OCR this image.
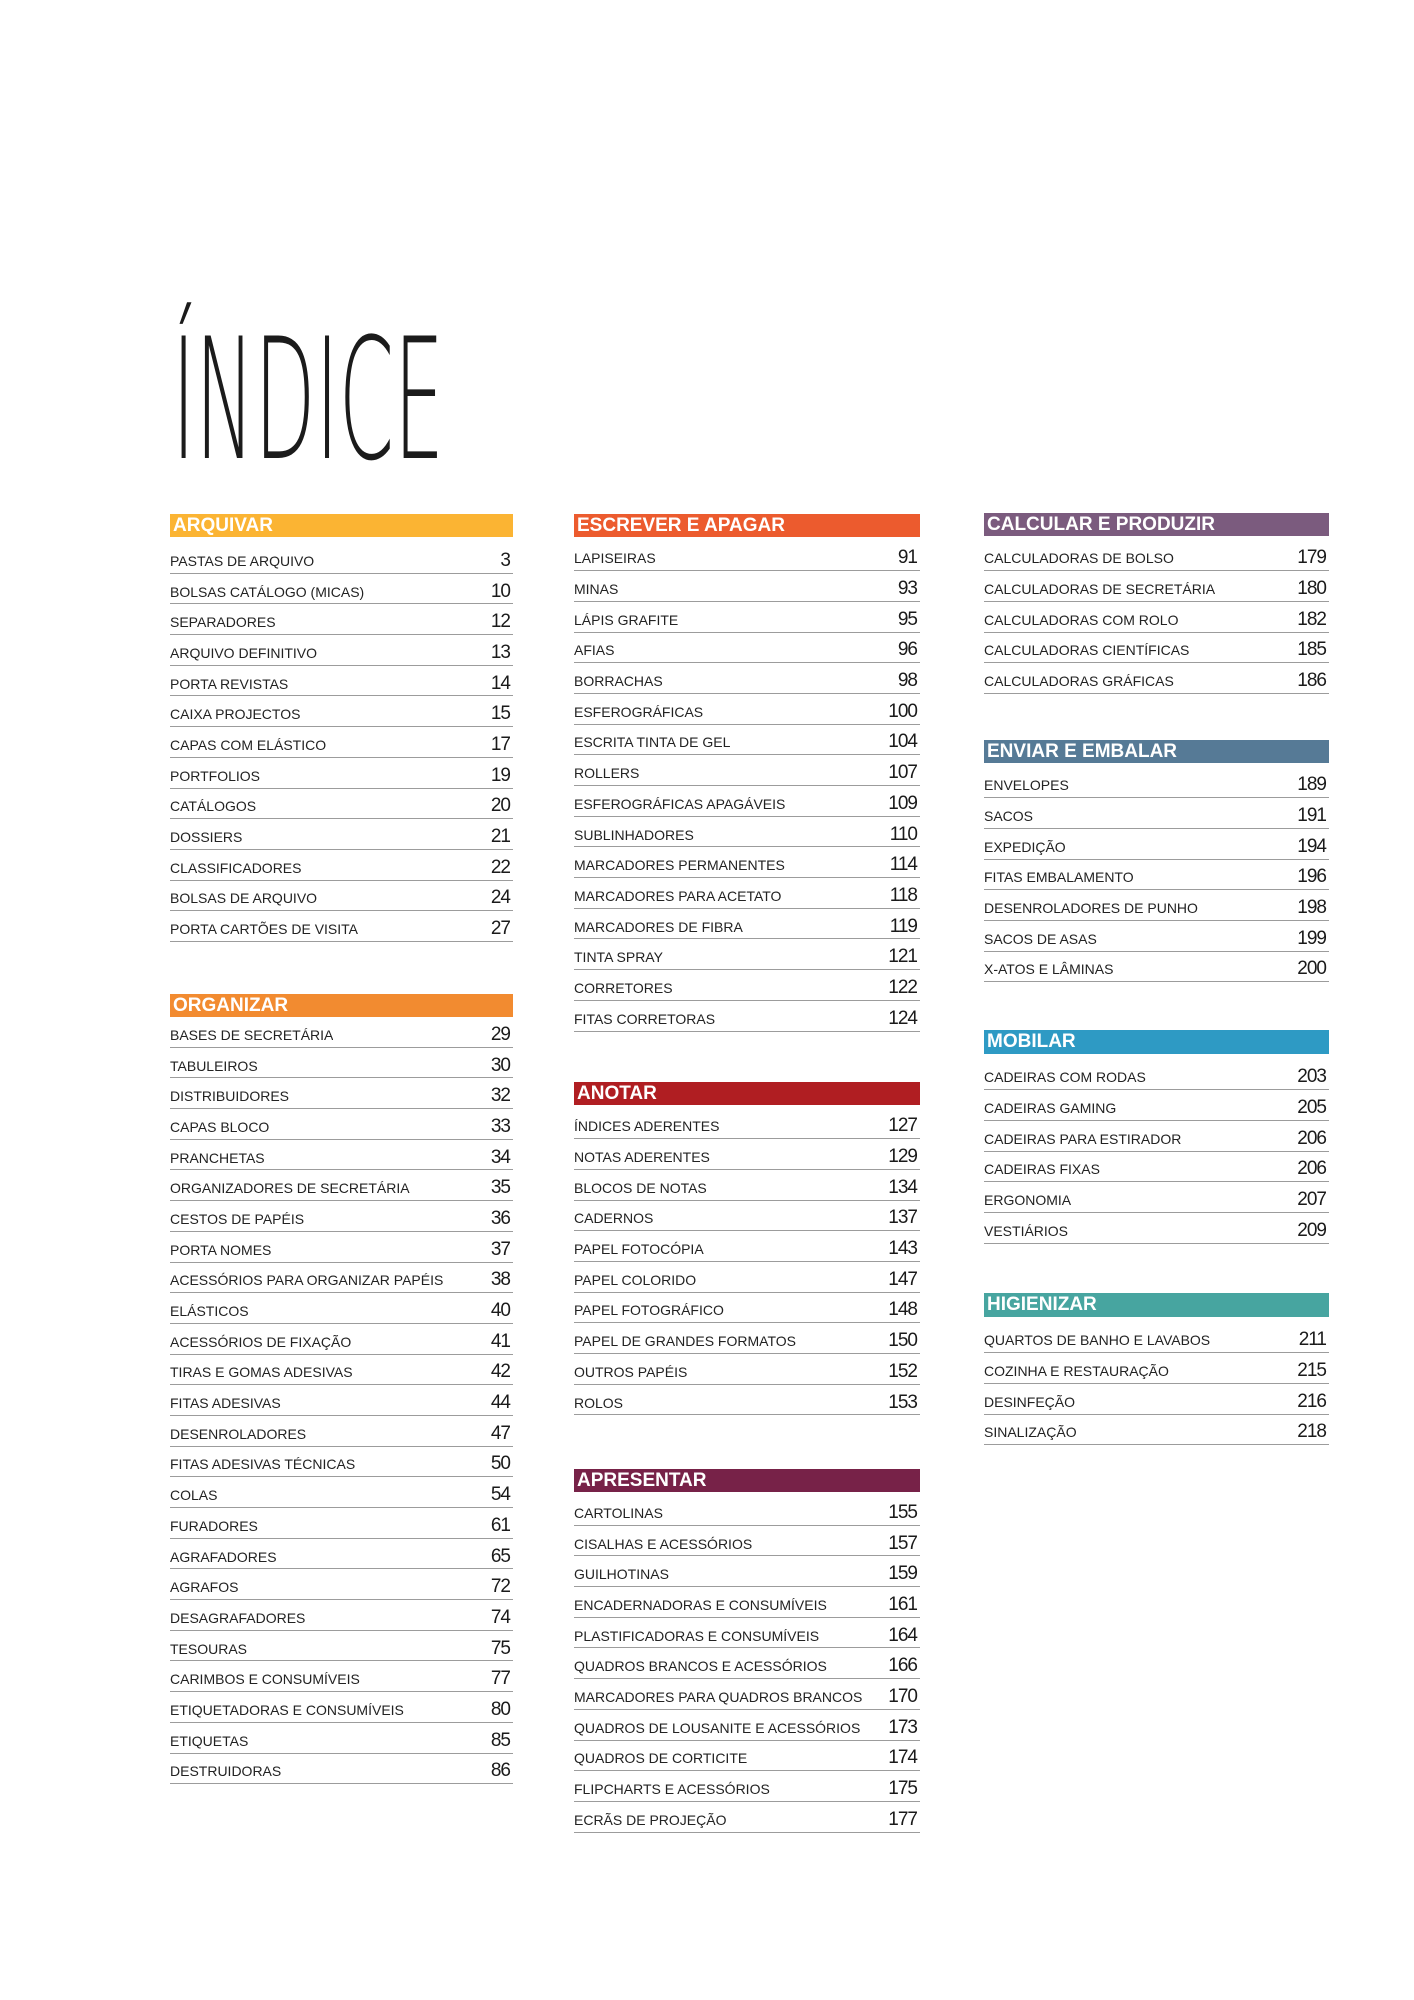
ÍNDICE
ARQUIVAR
PASTAS DE ARQUIVO	3
BOLSAS CATÁLOGO (MICAS)	10
SEPARADORES	12
ARQUIVO DEFINITIVO	13
PORTA REVISTAS	14
CAIXA PROJECTOS	15
CAPAS COM ELÁSTICO	17
PORTFOLIOS	19
CATÁLOGOS	20
DOSSIERS	21
CLASSIFICADORES	22
BOLSAS DE ARQUIVO	24
PORTA CARTÕES DE VISITA	27
ORGANIZAR
BASES DE SECRETÁRIA	29
TABULEIROS	30
DISTRIBUIDORES	32
CAPAS BLOCO	33
PRANCHETAS	34
ORGANIZADORES DE SECRETÁRIA	35
CESTOS DE PAPÉIS	36
PORTA NOMES	37
ACESSÓRIOS PARA ORGANIZAR PAPÉIS	38
ELÁSTICOS	40
ACESSÓRIOS DE FIXAÇÃO	41
TIRAS E GOMAS ADESIVAS	42
FITAS ADESIVAS	44
DESENROLADORES	47
FITAS ADESIVAS TÉCNICAS	50
COLAS	54
FURADORES	61
AGRAFADORES	65
AGRAFOS	72
DESAGRAFADORES	74
TESOURAS	75
CARIMBOS E CONSUMÍVEIS	77
ETIQUETADORAS E CONSUMÍVEIS	80
ETIQUETAS	85
DESTRUIDORAS	86
ESCREVER E APAGAR
LAPISEIRAS	91
MINAS	93
LÁPIS GRAFITE	95
AFIAS	96
BORRACHAS	98
ESFEROGRÁFICAS	100
ESCRITA TINTA DE GEL	104
ROLLERS	107
ESFEROGRÁFICAS APAGÁVEIS	109
SUBLINHADORES	110
MARCADORES PERMANENTES	114
MARCADORES PARA ACETATO	118
MARCADORES DE FIBRA	119
TINTA SPRAY	121
CORRETORES	122
FITAS CORRETORAS	124
ANOTAR
ÍNDICES ADERENTES	127
NOTAS ADERENTES	129
BLOCOS DE NOTAS	134
CADERNOS	137
PAPEL FOTOCÓPIA	143
PAPEL COLORIDO	147
PAPEL FOTOGRÁFICO	148
PAPEL DE GRANDES FORMATOS	150
OUTROS PAPÉIS	152
ROLOS	153
APRESENTAR
CARTOLINAS	155
CISALHAS E ACESSÓRIOS	157
GUILHOTINAS	159
ENCADERNADORAS E CONSUMÍVEIS	161
PLASTIFICADORAS E CONSUMÍVEIS	164
QUADROS BRANCOS E ACESSÓRIOS	166
MARCADORES PARA QUADROS BRANCOS 170
QUADROS DE LOUSANITE E ACESSÓRIOS 173
QUADROS DE CORTICITE	174
FLIPCHARTS E ACESSÓRIOS	175
ECRÃS DE PROJEÇÃO	177
CALCULAR E PRODUZIR
CALCULADORAS DE BOLSO	179
CALCULADORAS DE SECRETÁRIA	180
CALCULADORAS COM ROLO	182
CALCULADORAS CIENTÍFICAS	185
CALCULADORAS GRÁFICAS	186
ENVIAR E EMBALAR
ENVELOPES	189
SACOS	191
EXPEDIÇÃO	194
FITAS EMBALAMENTO	196
DESENROLADORES DE PUNHO	198
SACOS DE ASAS	199
X-ATOS E LÂMINAS	200
MOBILAR
CADEIRAS COM RODAS	203
CADEIRAS GAMING	205
CADEIRAS PARA ESTIRADOR	206
CADEIRAS FIXAS	206
ERGONOMIA	207
VESTIÁRIOS	209
HIGIENIZAR
QUARTOS DE BANHO E LAVABOS	211
COZINHA E RESTAURAÇÃO	215
DESINFEÇÃO	216
SINALIZAÇÃO	218
